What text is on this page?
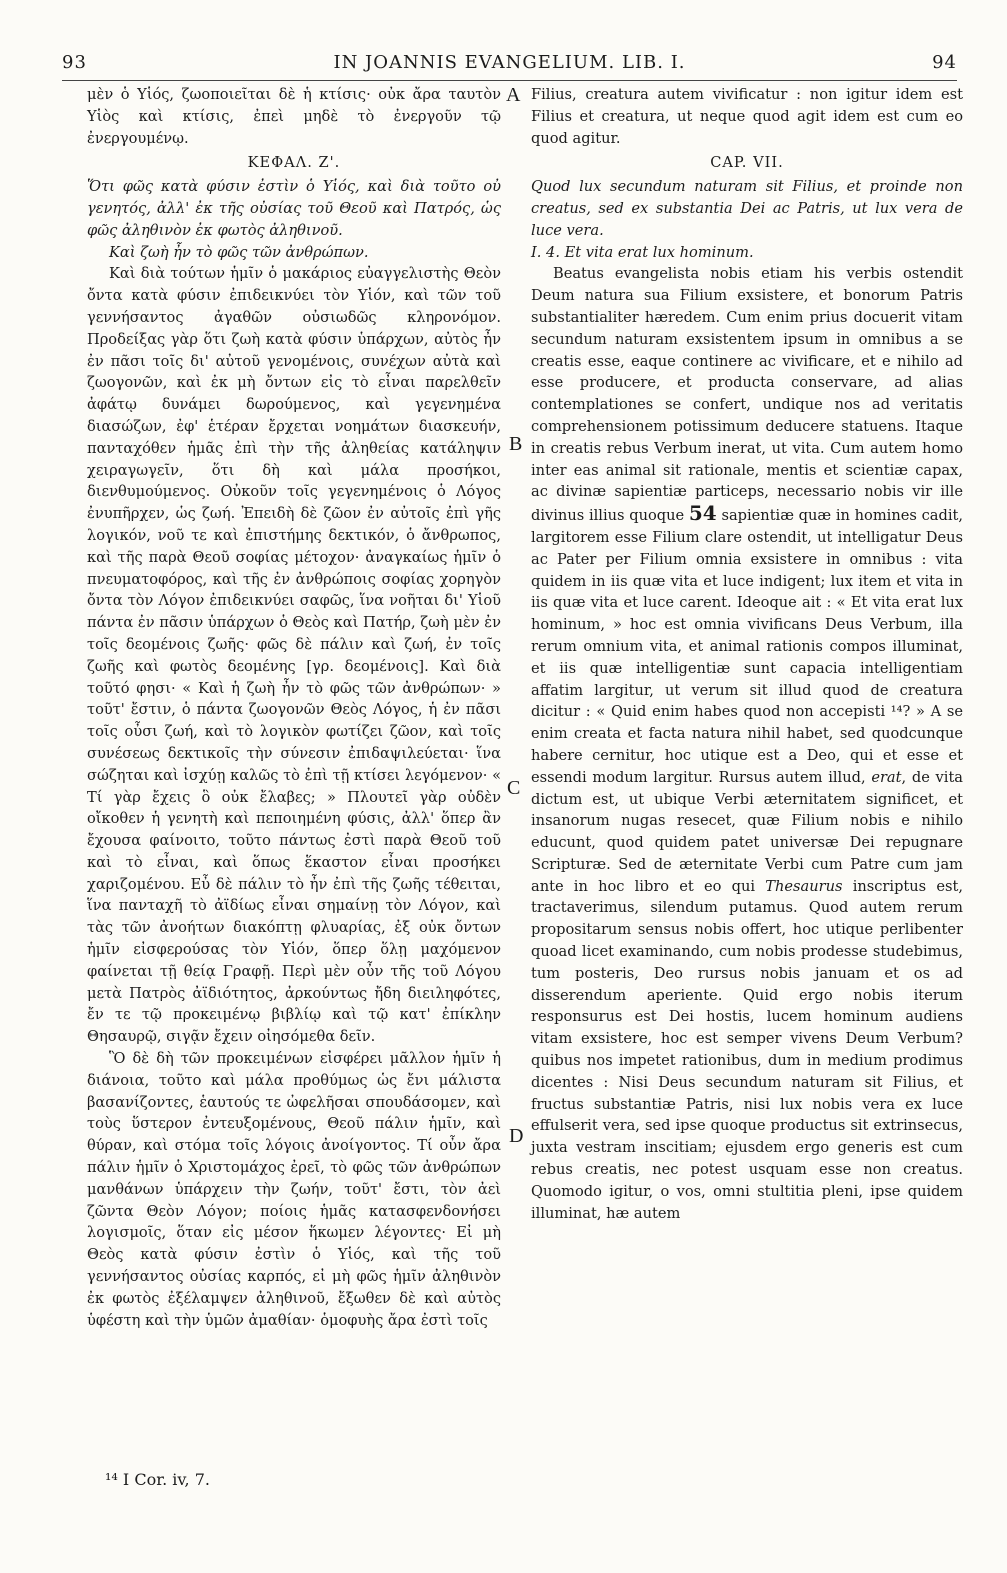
93	IN JOANNIS EVANGELIUM. LIB. I.	94

μὲν ὁ Υἱός, ζωοποιεῖται δὲ ἡ κτίσις· οὐκ ἄρα ταυτὸν Υἱὸς καὶ κτίσις, ἐπεὶ μηδὲ τὸ ἐνεργοῦν τῷ ἐνεργουμένῳ.

ΚΕΦΑΛ. Ζ'.

Ὅτι φῶς κατὰ φύσιν ἐστὶν ὁ Υἱός, καὶ διὰ τοῦτο οὐ γενητός, ἀλλ' ἐκ τῆς οὐσίας τοῦ Θεοῦ καὶ Πατρός, ὡς φῶς ἀληθινὸν ἐκ φωτὸς ἀληθινοῦ.

Καὶ ζωὴ ἦν τὸ φῶς τῶν ἀνθρώπων.

Καὶ διὰ τούτων ἡμῖν ὁ μακάριος εὐαγγελιστὴς Θεὸν ὄντα κατὰ φύσιν ἐπιδεικνύει τὸν Υἱόν, καὶ τῶν τοῦ γεννήσαντος ἀγαθῶν οὐσιωδῶς κληρονόμον. Προδείξας γὰρ ὅτι ζωὴ κατὰ φύσιν ὑπάρχων, αὐτὸς ἦν ἐν πᾶσι τοῖς δι' αὐτοῦ γενομένοις, συνέχων αὐτὰ καὶ ζωογονῶν, καὶ ἐκ μὴ ὄντων εἰς τὸ εἶναι παρελθεῖν ἀφάτῳ δυνάμει δωρούμενος, καὶ γεγενημένα διασώζων, ἐφ' ἑτέραν ἔρχεται νοημάτων διασκευήν, πανταχόθεν ἡμᾶς ἐπὶ τὴν τῆς ἀληθείας κατάληψιν χειραγωγεῖν, ὅτι δὴ καὶ μάλα προσήκοι, διενθυμούμενος. Οὐκοῦν τοῖς γεγενημένοις ὁ Λόγος ἐνυπῆρχεν, ὡς ζωή. Ἐπειδὴ δὲ ζῶον ἐν αὐτοῖς ἐπὶ γῆς λογικόν, νοῦ τε καὶ ἐπιστήμης δεκτικόν, ὁ ἄνθρωπος, καὶ τῆς παρὰ Θεοῦ σοφίας μέτοχον· ἀναγκαίως ἡμῖν ὁ πνευματοφόρος, καὶ τῆς ἐν ἀνθρώποις σοφίας χορηγὸν ὄντα τὸν Λόγον ἐπιδεικνύει σαφῶς, ἵνα νοῆται δι' Υἱοῦ πάντα ἐν πᾶσιν ὑπάρχων ὁ Θεὸς καὶ Πατήρ, ζωὴ μὲν ἐν τοῖς δεομένοις ζωῆς· φῶς δὲ πάλιν καὶ ζωή, ἐν τοῖς ζωῆς καὶ φωτὸς δεομένης [γρ. δεομένοις]. Καὶ διὰ τοῦτό φησι· « Καὶ ἡ ζωὴ ἦν τὸ φῶς τῶν ἀνθρώπων· » τοῦτ' ἔστιν, ὁ πάντα ζωογονῶν Θεὸς Λόγος, ἡ ἐν πᾶσι τοῖς οὖσι ζωή, καὶ τὸ λογικὸν φωτίζει ζῶον, καὶ τοῖς συνέσεως δεκτικοῖς τὴν σύνεσιν ἐπιδαψιλεύεται· ἵνα σώζηται καὶ ἰσχύῃ καλῶς τὸ ἐπὶ τῇ κτίσει λεγόμενον· « Τί γὰρ ἔχεις ὃ οὐκ ἔλαβες; » Πλουτεῖ γὰρ οὐδὲν οἴκοθεν ἡ γενητὴ καὶ πεποιημένη φύσις, ἀλλ' ὅπερ ἂν ἔχουσα φαίνοιτο, τοῦτο πάντως ἐστὶ παρὰ Θεοῦ τοῦ καὶ τὸ εἶναι, καὶ ὅπως ἕκαστον εἶναι προσήκει χαριζομένου. Εὖ δὲ πάλιν τὸ ἦν ἐπὶ τῆς ζωῆς τέθειται, ἵνα πανταχῆ τὸ ἀϊδίως εἶναι σημαίνῃ τὸν Λόγον, καὶ τὰς τῶν ἀνοήτων διακόπτῃ φλυαρίας, ἐξ οὐκ ὄντων ἡμῖν εἰσφερούσας τὸν Υἱόν, ὅπερ ὅλῃ μαχόμενον φαίνεται τῇ θείᾳ Γραφῇ. Περὶ μὲν οὖν τῆς τοῦ Λόγου μετὰ Πατρὸς ἀϊδιότητος, ἀρκούντως ἤδη διειληφότες, ἔν τε τῷ προκειμένῳ βιβλίῳ καὶ τῷ κατ' ἐπίκλην Θησαυρῷ, σιγᾷν ἔχειν οἰησόμεθα δεῖν.

Ὃ δὲ δὴ τῶν προκειμένων εἰσφέρει μᾶλλον ἡμῖν ἡ διάνοια, τοῦτο καὶ μάλα προθύμως ὡς ἔνι μάλιστα βασανίζοντες, ἑαυτούς τε ὠφελῆσαι σπουδάσομεν, καὶ τοὺς ὕστερον ἐντευξομένους, Θεοῦ πάλιν ἡμῖν, καὶ θύραν, καὶ στόμα τοῖς λόγοις ἀνοίγοντος. Τί οὖν ἄρα πάλιν ἡμῖν ὁ Χριστομάχος ἐρεῖ, τὸ φῶς τῶν ἀνθρώπων μανθάνων ὑπάρχειν τὴν ζωήν, τοῦτ' ἔστι, τὸν ἀεὶ ζῶντα Θεὸν Λόγον; ποίοις ἡμᾶς κατασφενδονήσει λογισμοῖς, ὅταν εἰς μέσον ἥκωμεν λέγοντες· Εἰ μὴ Θεὸς κατὰ φύσιν ἐστὶν ὁ Υἱός, καὶ τῆς τοῦ γεννήσαντος οὐσίας καρπός, εἰ μὴ φῶς ἡμῖν ἀληθινὸν ἐκ φωτὸς ἐξέλαμψεν ἀληθινοῦ, ἔξωθεν δὲ καὶ αὐτὸς ὑφέστη καὶ τὴν ὑμῶν ἀμαθίαν· ὁμοφυὴς ἄρα ἐστὶ τοῖς

Filius, creatura autem vivificatur : non igitur idem est Filius et creatura, ut neque quod agit idem est cum eo quod agitur.

CAP. VII.

Quod lux secundum naturam sit Filius, et proinde non creatus, sed ex substantia Dei ac Patris, ut lux vera de luce vera.

I. 4. Et vita erat lux hominum.

Beatus evangelista nobis etiam his verbis ostendit Deum natura sua Filium exsistere, et bonorum Patris substantialiter hæredem. Cum enim prius docuerit vitam secundum naturam exsistentem ipsum in omnibus a se creatis esse, eaque continere ac vivificare, et e nihilo ad esse producere, et producta conservare, ad alias contemplationes se confert, undique nos ad veritatis comprehensionem potissimum deducere statuens. Itaque in creatis rebus Verbum inerat, ut vita. Cum autem homo inter eas animal sit rationale, mentis et scientiæ capax, ac divinæ sapientiæ particeps, necessario nobis vir ille divinus illius quoque 54 sapientiæ quæ in homines cadit, largitorem esse Filium clare ostendit, ut intelligatur Deus ac Pater per Filium omnia exsistere in omnibus : vita quidem in iis quæ vita et luce indigent; lux item et vita in iis quæ vita et luce carent. Ideoque ait : « Et vita erat lux hominum, » hoc est omnia vivificans Deus Verbum, illa rerum omnium vita, et animal rationis compos illuminat, et iis quæ intelligentiæ sunt capacia intelligentiam affatim largitur, ut verum sit illud quod de creatura dicitur : « Quid enim habes quod non accepisti ¹⁴? » A se enim creata et facta natura nihil habet, sed quodcunque habere cernitur, hoc utique est a Deo, qui et esse et essendi modum largitur. Rursus autem illud, erat, de vita dictum est, ut ubique Verbi æternitatem significet, et insanorum nugas resecet, quæ Filium nobis e nihilo educunt, quod quidem patet universæ Dei repugnare Scripturæ. Sed de æternitate Verbi cum Patre cum jam ante in hoc libro et eo qui Thesaurus inscriptus est, tractaverimus, silendum putamus. Quod autem rerum propositarum sensus nobis offert, hoc utique perlibenter quoad licet examinando, cum nobis prodesse studebimus, tum posteris, Deo rursus nobis januam et os ad disserendum aperiente. Quid ergo nobis iterum responsurus est Dei hostis, lucem hominum audiens vitam exsistere, hoc est semper vivens Deum Verbum? quibus nos impetet rationibus, dum in medium prodimus dicentes : Nisi Deus secundum naturam sit Filius, et fructus substantiæ Patris, nisi lux nobis vera ex luce effulserit vera, sed ipse quoque productus sit extrinsecus, juxta vestram inscitiam; ejusdem ergo generis est cum rebus creatis, nec potest usquam esse non creatus. Quomodo igitur, o vos, omni stultitia pleni, ipse quidem illuminat, hæ autem

A
B
C
D
¹⁴ I Cor. iv, 7.
